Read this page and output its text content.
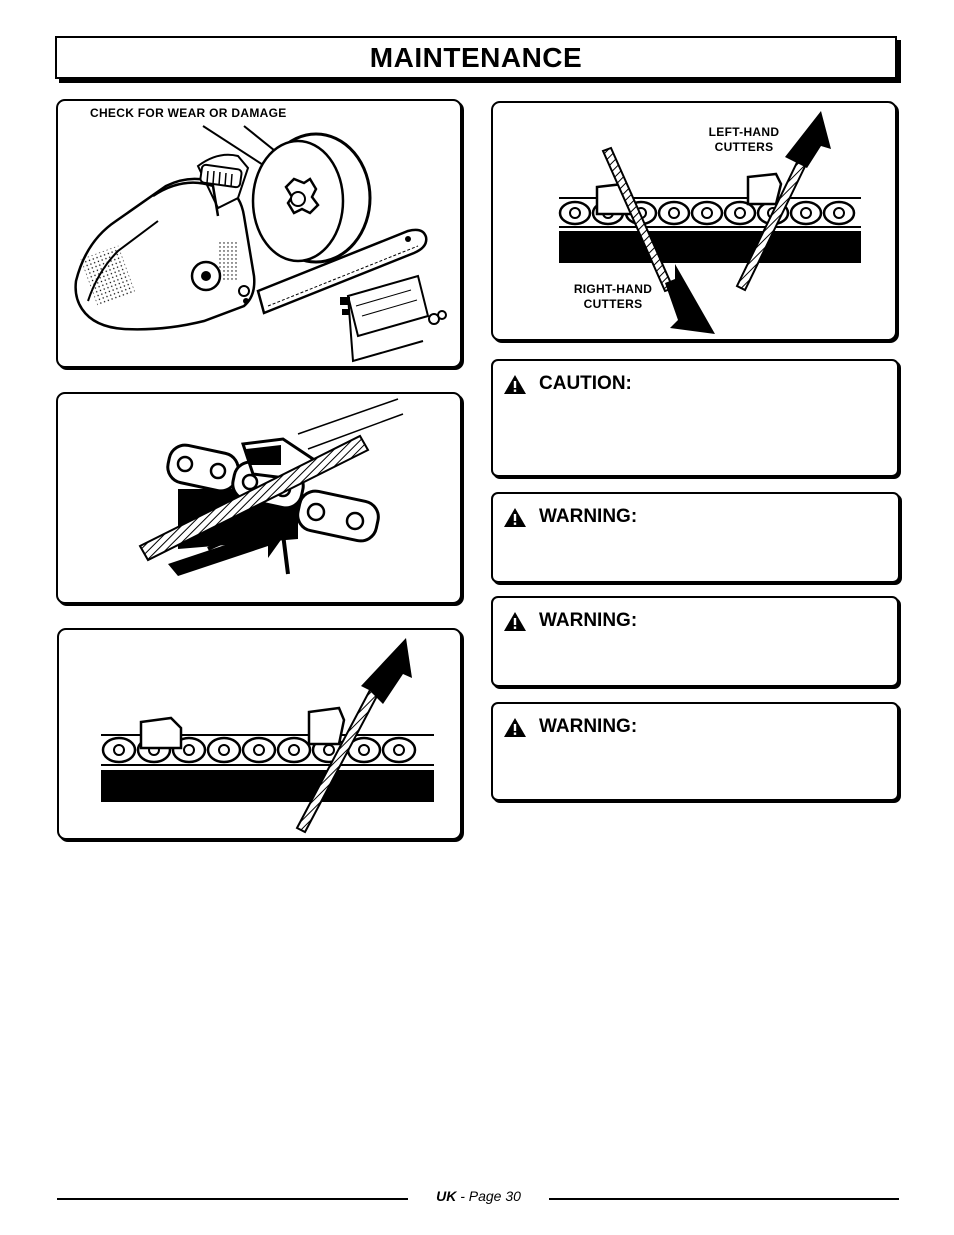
MAINTENANCE
CHECK FOR WEAR OR DAMAGE
LEFT-HAND
CUTTERS
RIGHT-HAND
CUTTERS
CAUTION:
WARNING:
WARNING:
WARNING:
UK - Page 30
